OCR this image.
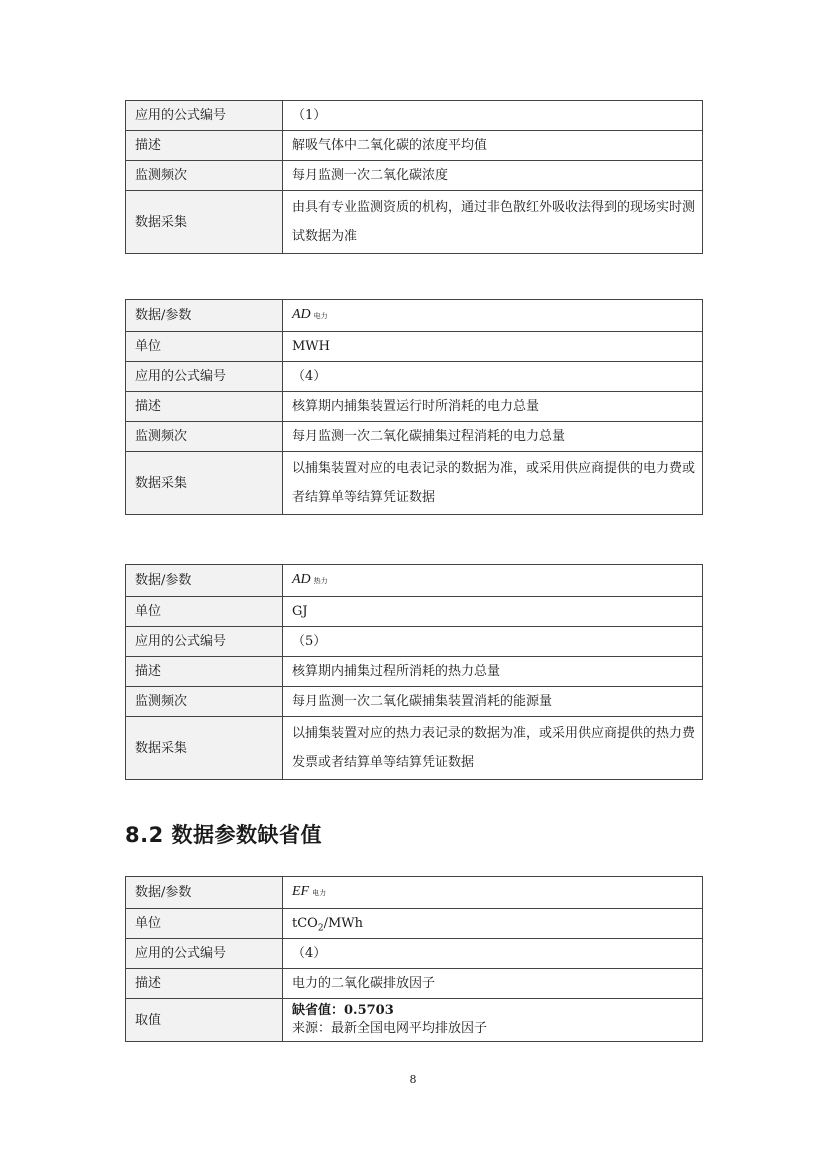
应用的公式编号	（1）
描述	解吸气体中二氧化碳的浓度平均值
监测频次	每月监测一次二氧化碳浓度
数据采集	由具有专业监测资质的机构，通过非色散红外吸收法得到的现场实时测试数据为准
数据/参数	AD 电力
单位	MWH
应用的公式编号	（4）
描述	核算期内捕集装置运行时所消耗的电力总量
监测频次	每月监测一次二氧化碳捕集过程消耗的电力总量
数据采集	以捕集装置对应的电表记录的数据为准，或采用供应商提供的电力费或者结算单等结算凭证数据
数据/参数	AD 热力
单位	GJ
应用的公式编号	（5）
描述	核算期内捕集过程所消耗的热力总量
监测频次	每月监测一次二氧化碳捕集装置消耗的能源量
数据采集	以捕集装置对应的热力表记录的数据为准，或采用供应商提供的热力费发票或者结算单等结算凭证数据
8.2 数据参数缺省值
数据/参数	EF 电力
单位	tCO$_2$/MWh
应用的公式编号	（4）
描述	电力的二氧化碳排放因子
取值	缺省值：0.5703
来源：最新全国电网平均排放因子
8
